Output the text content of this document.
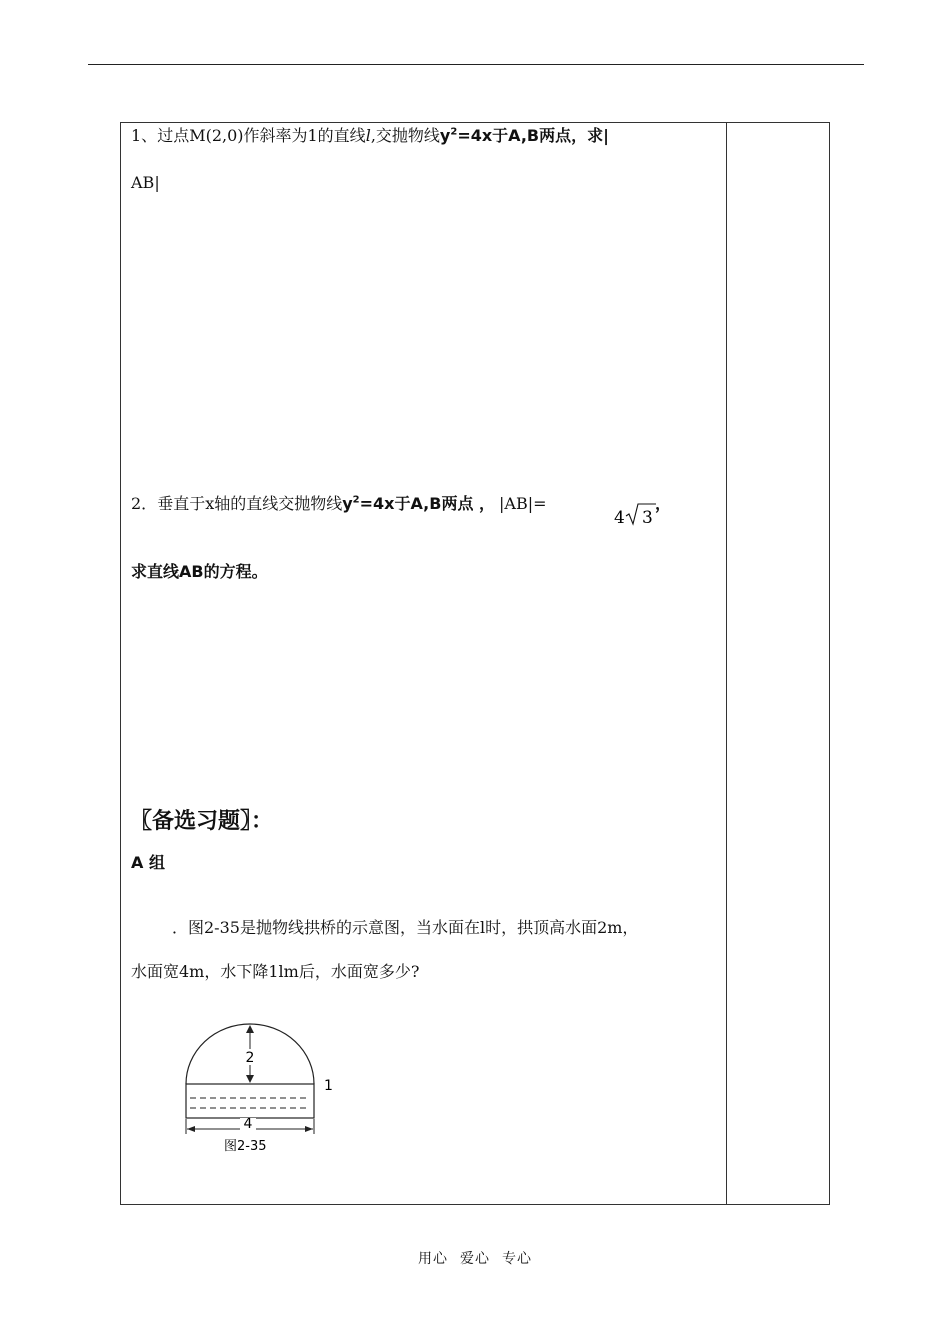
1、过点M(2,0)作斜率为1的直线l,交抛物线$y^2=4x$于A,B两点，求|
AB|
2．垂直于x轴的直线交抛物线$y^2=4x$于A,B两点 ， |AB|=
4 3
，
求直线AB的方程。
〖备选习题〗：
A 组
．图2-35是抛物线拱桥的示意图，当水面在l时，拱顶高水面2m，
水面宽4m，水下降1lm后，水面宽多少?
2
4
1
图2-35
用心 爱心 专心
